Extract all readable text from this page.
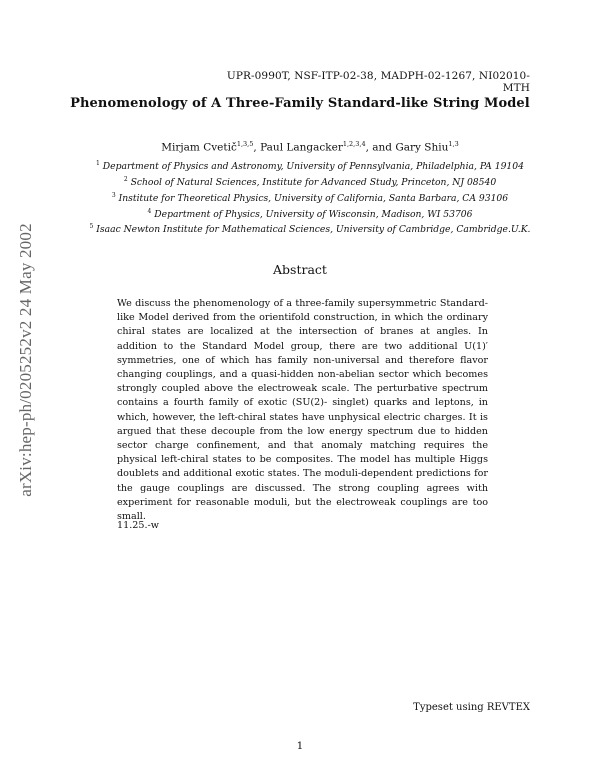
UPR-0990T, NSF-ITP-02-38, MADPH-02-1267, NI02010-MTH
Phenomenology of A Three-Family Standard-like String Model
Mirjam Cvetič$^{1,3,5}$, Paul Langacker$^{1,2,3,4}$, and Gary Shiu$^{1,3}$
$^1$ Department of Physics and Astronomy, University of Pennsylvania, Philadelphia, PA 19104
$^2$ School of Natural Sciences, Institute for Advanced Study, Princeton, NJ 08540
$^3$ Institute for Theoretical Physics, University of California, Santa Barbara, CA 93106
$^4$ Department of Physics, University of Wisconsin, Madison, WI 53706
$^5$ Isaac Newton Institute for Mathematical Sciences, University of Cambridge, Cambridge.U.K.
arXiv:hep-ph/0205252v2 24 May 2002	Abstract
We discuss the phenomenology of a three-family supersymmetric Standard-like Model derived from the orientifold construction, in which the ordinary chiral states are localized at the intersection of branes at angles. In addition to the Standard Model group, there are two additional U(1)′ symmetries, one of which has family non-universal and therefore flavor changing couplings, and a quasi-hidden non-abelian sector which becomes strongly coupled above the electroweak scale. The perturbative spectrum contains a fourth family of exotic (SU(2)- singlet) quarks and leptons, in which, however, the left-chiral states have unphysical electric charges. It is argued that these decouple from the low energy spectrum due to hidden sector charge confinement, and that anomaly matching requires the physical left-chiral states to be composites. The model has multiple Higgs doublets and additional exotic states. The moduli-dependent predictions for the gauge couplings are discussed. The strong coupling agrees with experiment for reasonable moduli, but the electroweak couplings are too small.
11.25.-w
Typeset using REVTEX
1
